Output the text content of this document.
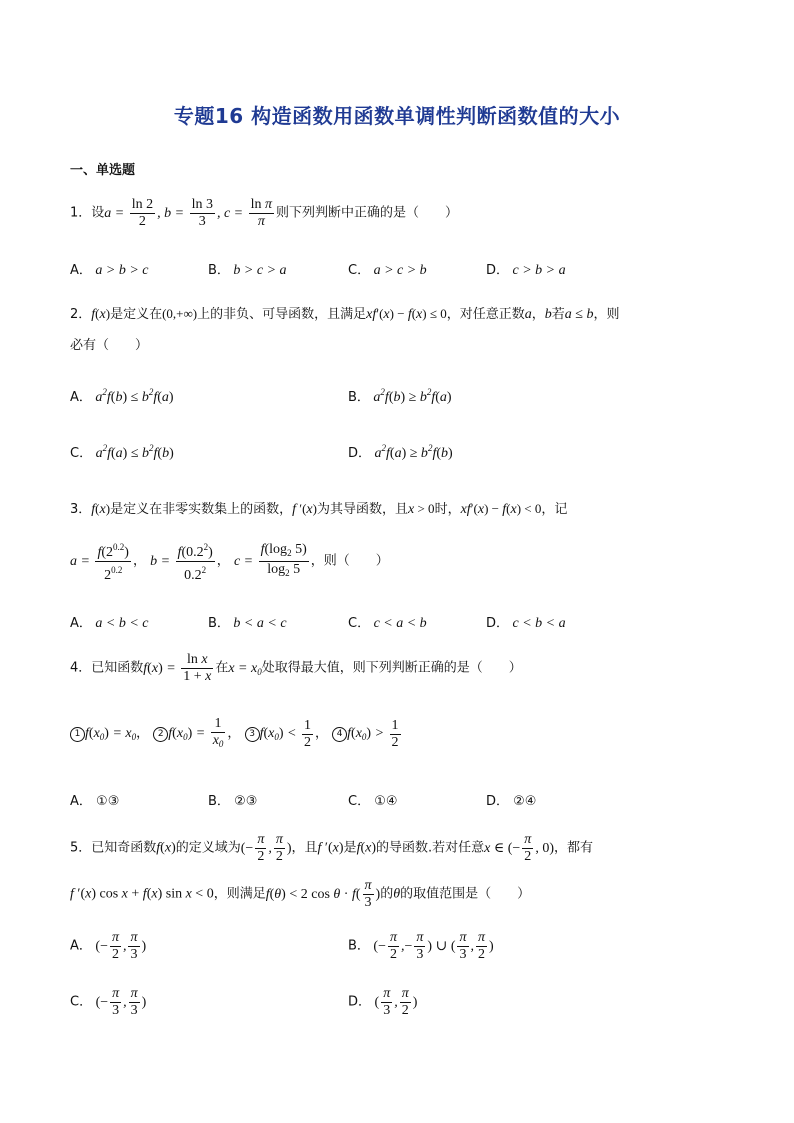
专题16 构造函数用函数单调性判断函数值的大小
一、单选题
1．设$a = \frac{\ln 2}{2}$ , $b = \frac{\ln 3}{3}$ , $c = \frac{\text{ln π}}{\pi}$ 则下列判断中正确的是（　　）
A． a > b > c	B． b > c > a	C． a > c > b	D． c > b > a
2．f(x)是定义在(0,+∞)上的非负、可导函数，且满足xf′(x) − f(x) ≤ 0，对任意正数a，b若a ≤ b，则
必有（　　）
A． $a^2f(b) \le b^2f(a)$	B． $a^2f(b) \ge b^2f(a)$
C． $a^2f(a) \le b^2f(b)$	D． $a^2f(a) \ge b^2f(b)$
3．f(x)是定义在非零实数集上的函数，f ′(x)为其导函数，且x > 0时，xf′(x) − f(x) < 0，记
$a = \frac{f(2^{0.2})}{2^{0.2}}$ ， $b = \frac{f(0.2^2)}{0.2^2}$ ， $c = \frac{f(\log_2 5)}{\log_2 5}$ ，则（　　）
A． a < b < c	B． b < a < c	C． c < a < b	D． c < b < a
4．已知函数$f(x) = \frac{\text{ln x}}{1 + x}$ 在$x = x_0$处取得最大值，则下列判断正确的是（　　）
1 $f(x_0) = x_0$， 2 $f(x_0) = \frac{1}{x_0}$ ， 3 $f(x_0) < \frac{1}{2}$ ， 4 $f(x_0) > \frac{1}{2}$
A． ①③	B． ②③	C． ①④	D． ②④
5．已知奇函数f(x)的定义域为(− $\frac{\pi}{2}$ , $\frac{\pi}{2}$ )，且f ′(x)是f(x)的导函数.若对任意x ∈ (− $\frac{\pi}{2}$ , 0)，都有
f ′(x) cos x + f(x) sin x < 0，则满足f(θ) < 2 $\cos \theta \cdot f( \frac{\pi}{3}$ )的θ的取值范围是（　　）
A． (− $\frac{\pi}{2}$ , $\frac{\pi}{3}$ )	B． (− $\frac{\pi}{2}$ ,− $\frac{\pi}{3}$ ) ∪ ( $\frac{\pi}{3}$ , $\frac{\pi}{2}$ )
C． (− $\frac{\pi}{3}$ , $\frac{\pi}{3}$ )	D． ( $\frac{\pi}{3}$ , $\frac{\pi}{2}$ )
